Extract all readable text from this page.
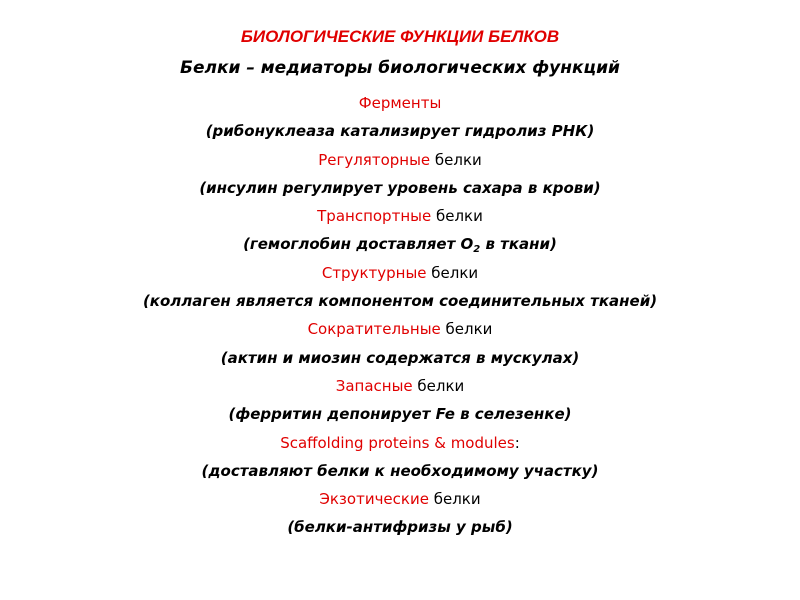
БИОЛОГИЧЕСКИЕ ФУНКЦИИ БЕЛКОВ
Белки – медиаторы биологических функций
Ферменты
(рибонуклеаза катализирует гидролиз РНК)
Регуляторные белки
(инсулин регулирует уровень сахара в крови)
Транспортные белки
(гемоглобин доставляет $O_2$ в ткани)
Структурные белки
(коллаген является компонентом соединительных тканей)
Сократительные белки
(актин и миозин содержатся в мускулах)
Запасные белки
(ферритин депонирует Fe в селезенке)
Scaffolding proteins & modules:
(доставляют белки к необходимому участку)
Экзотические белки
(белки-антифризы у рыб)
